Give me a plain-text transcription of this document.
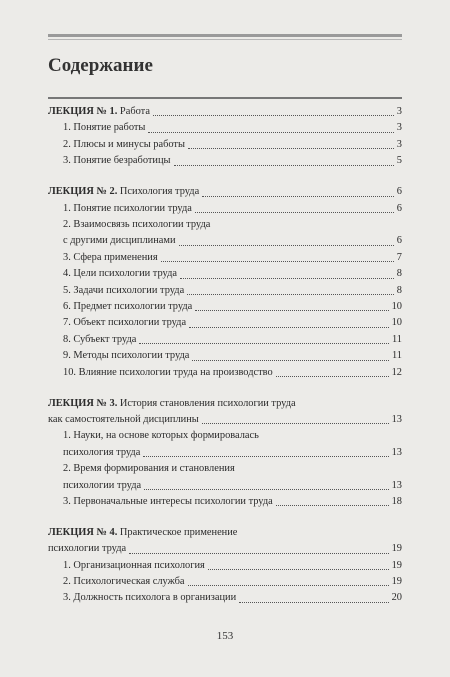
Содержание
ЛЕКЦИЯ № 1. Работа	3
1. Понятие работы	3
2. Плюсы и минусы работы	3
3. Понятие безработицы	5
ЛЕКЦИЯ № 2. Психология труда	6
1. Понятие психологии труда	6
2. Взаимосвязь психологии труда
с другими дисциплинами	6
3. Сфера применения	7
4. Цели психологии труда	8
5. Задачи психологии труда	8
6. Предмет психологии труда	10
7. Объект психологии труда	10
8. Субъект труда	11
9. Методы психологии труда	11
10. Влияние психологии труда на производство	12
ЛЕКЦИЯ № 3. История становления психологии труда
как самостоятельной дисциплины	13
1. Науки, на основе которых формировалась
психология труда	13
2. Время формирования и становления
психологии труда	13
3. Первоначальные интересы психологии труда	18
ЛЕКЦИЯ № 4. Практическое применение
психологии труда	19
1. Организационная психология	19
2. Психологическая служба	19
3. Должность психолога в организации	20
153
